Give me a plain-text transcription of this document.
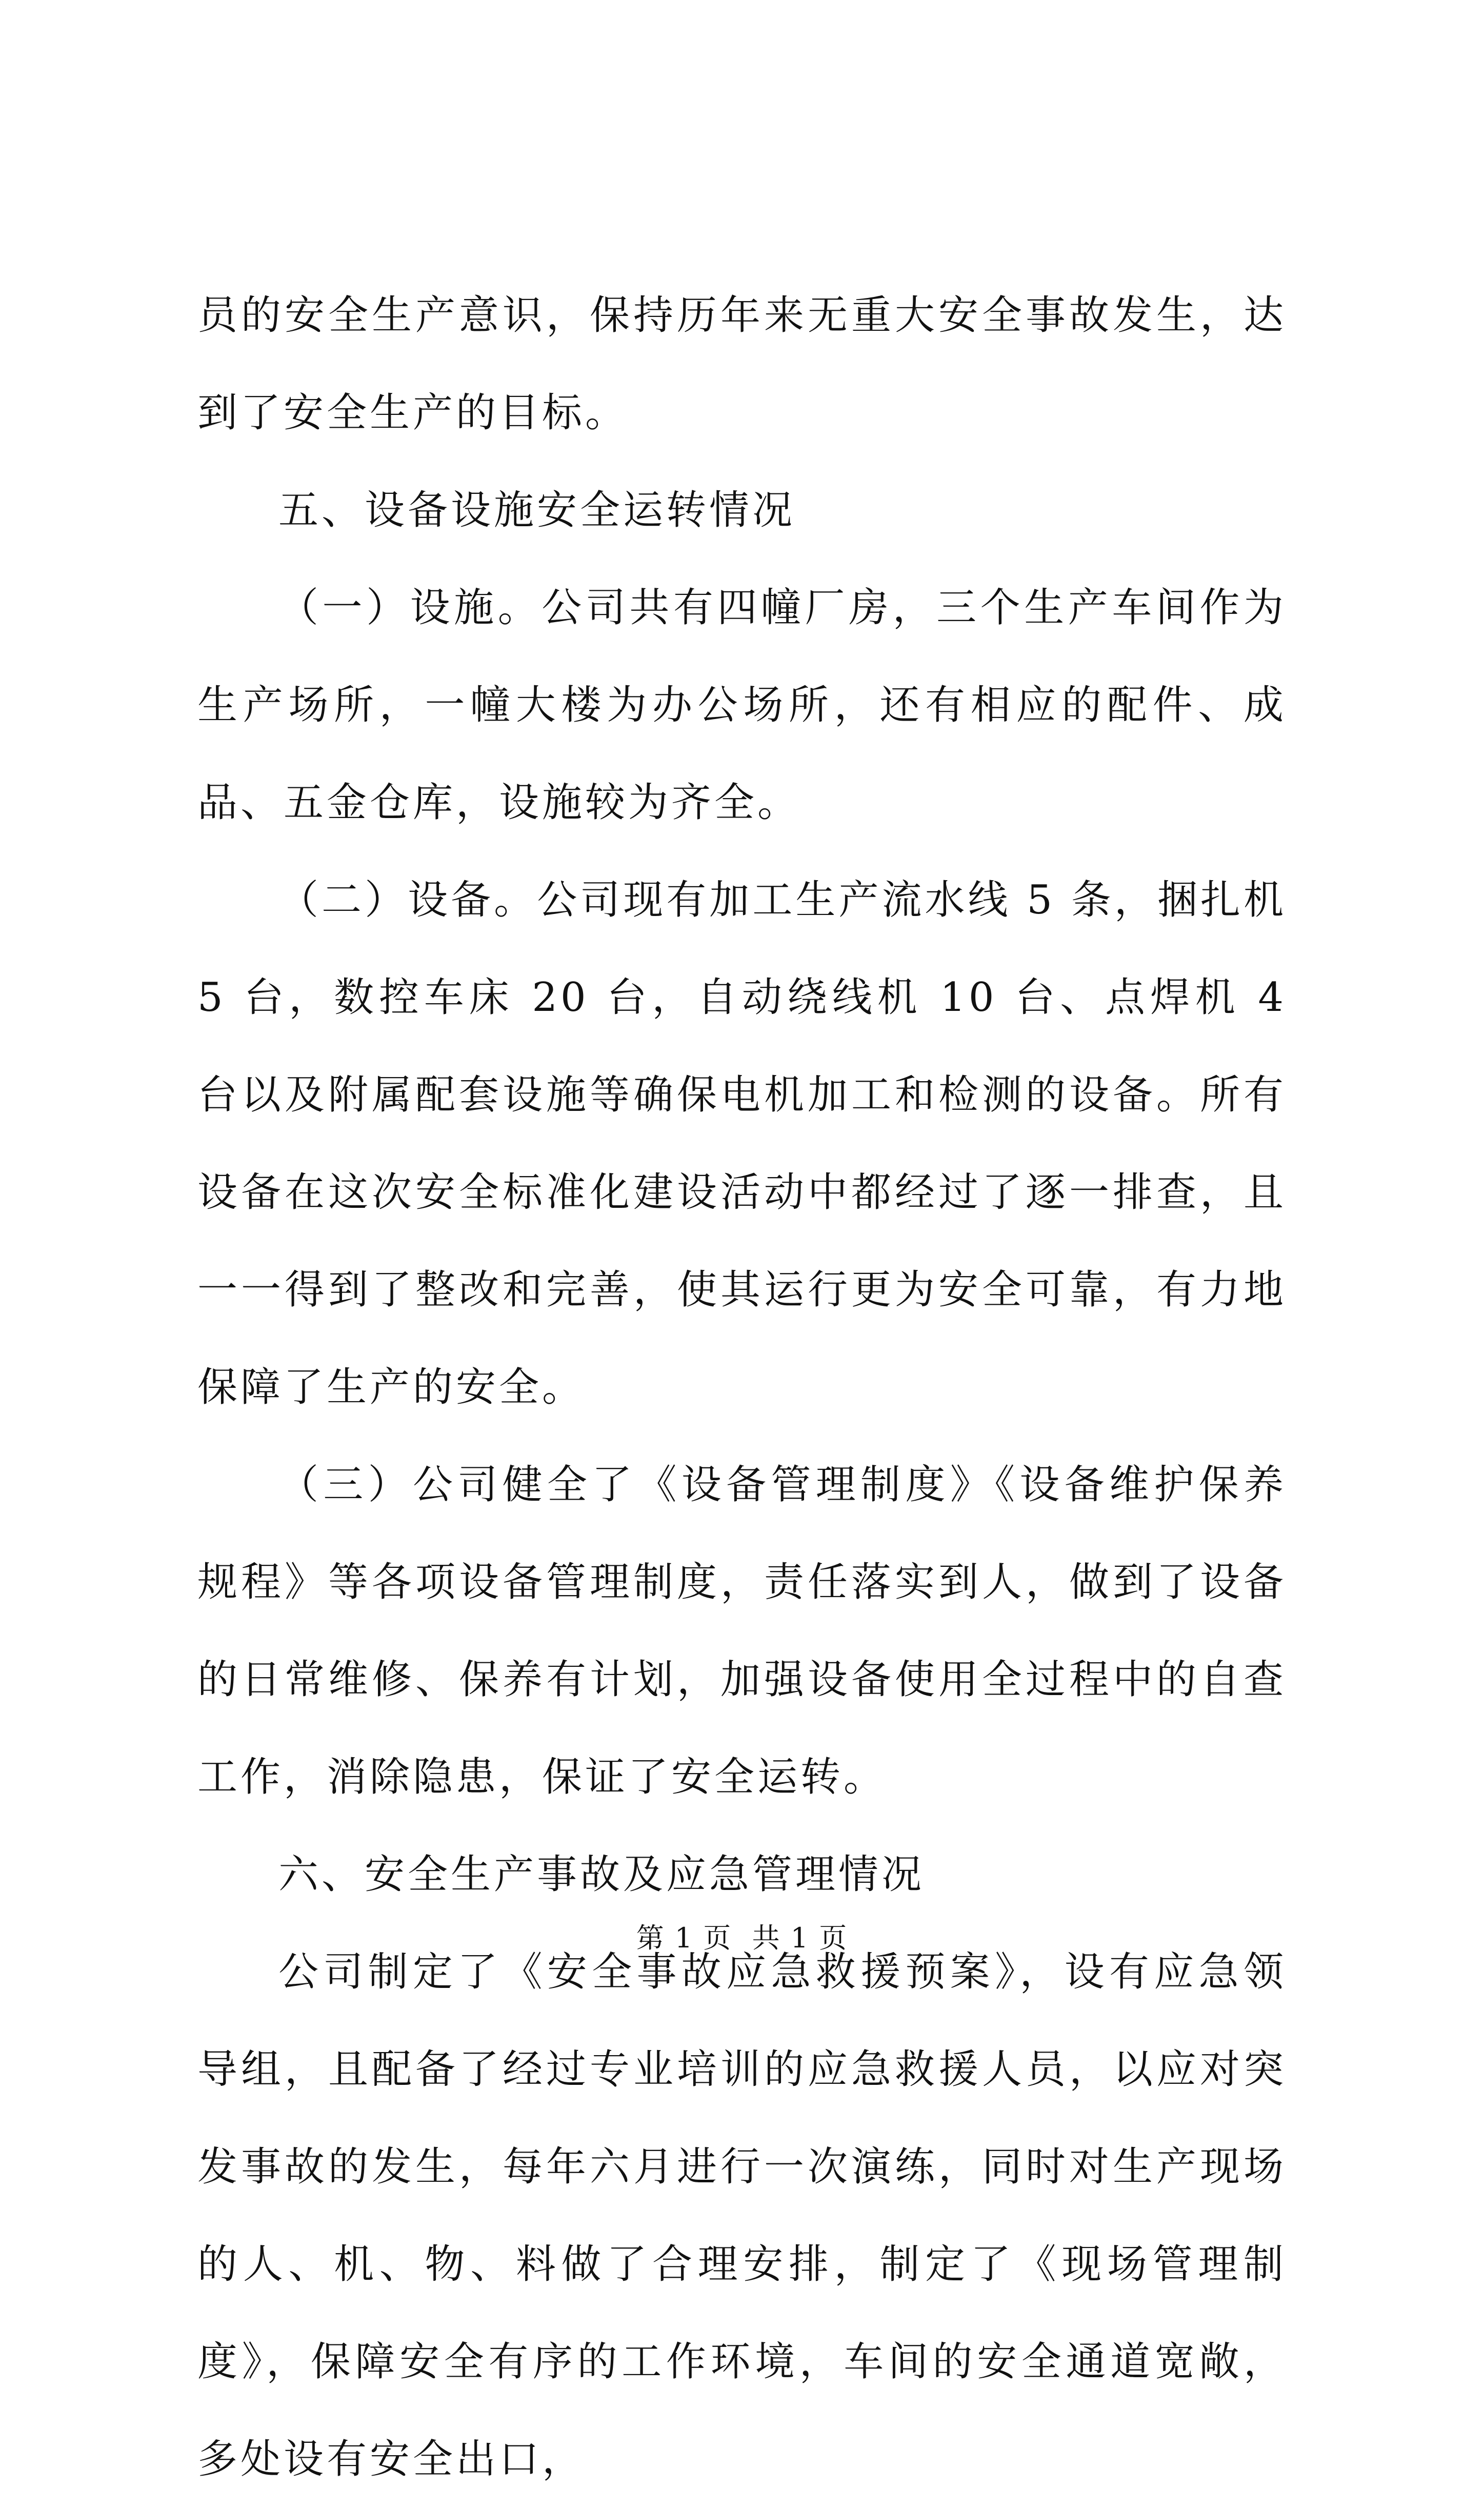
员的安全生产意识，保持历年来无重大安全事故发生，达到了安全生产的目标。

五、设备设施安全运转情况

（一）设施。公司共有四幢厂房，三个生产车间作为生产场所，一幢大楼为办公场所，还有相应的配件、成品、五金仓库，设施较为齐全。

（二）设备。公司现有加工生产流水线 5 条，捆扎机 5 台，数控车床 20 台，自动绕线机 10 台、点焊机 4 台以及附属配套设施等确保电机加工和检测的设备。所有设备在这次安全标准化建设活动中都经过了逐一排查，且一一得到了整改和完善，使其运行更为安全可靠，有力地保障了生产的安全。

（三）公司健全了《设备管理制度》《设备维护保养规程》等各项设备管理制度，责任落实到人，做到了设备的日常维修、保养有计划，加强设备使用全过程中的自查工作，消除隐患，保证了安全运转。

六、安全生产事故及应急管理情况

公司制定了《安全事故应急救援预案》，设有应急领导组，且配备了经过专业培训的应急救援人员，以应对突发事故的发生，每年六月进行一次演练，同时对生产现场的人、机、物、料做了合理安排，制定了《现场管理制度》，保障安全有序的工作环境，车间的安全通道宽敞，多处设有安全出口，

第 1 页 共 1 页
